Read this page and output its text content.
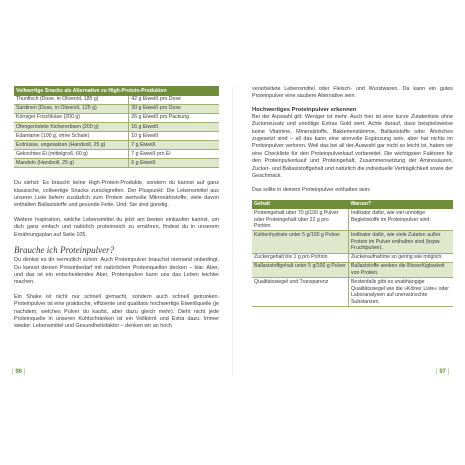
Vollwertige Snacks als Alternative zu High-Protein-Produkten	
Thunfisch (Dose, in Olivenöl, 185 g)	42 g Eiweiß pro Dose
Sardinen (Dose, in Olivenöl, 125 g)	30 g Eiweiß pro Dose
Körniger Frischkäse (200 g)	26 g Eiweiß pro Packung
Ofengeröstete Kichererbsen (200 g)	16 g Eiweiß
Edamame (100 g, ohne Schale)	10 g Eiweiß
Erdnüsse, ungesalzen (Handvoll, 25 g)	7 g Eiweiß
Gekochtes Ei (mittelgroß, 60 g)	7 g Eiweiß pro Ei
Mandeln (Handvoll, 25 g)	6 g Eiweiß

Du siehst: Es braucht keine High-Protein-Produkte, sondern du kannst auf ganz klassische, vollwertige Snacks zurückgreifen. Der Pluspunkt: Die Lebensmittel aus unserer Liste liefern zusätzlich zum Protein wertvolle Mikronährstoffe, viele davon enthalten Ballaststoffe und gesunde Fette. Und: Sie sind günstig.

Weitere Inspiration, welche Lebensmittel du jetzt am besten einkaufen kannst, um dich ganz einfach und natürlich proteinreich zu ernähren, findest du in unserem Ernährungsplan auf Seite 105.

Brauche ich Proteinpulver?

Du denkst es dir vermutlich schon: Auch Proteinpulver brauchst niemand unbedingt. Du kannst deinen Proteinbedarf mit natürlichen Proteinquellen decken – klar. Aber, und das ist ein entscheidendes Aber, Proteinpulver kann uns das Leben leichter machen.

Ein Shake ist nicht nur schnell gemacht, sondern auch schnell getrunken. Proteinpulver ist eine praktische, effiziente und qualitativ hochwertige Eiweißquelle (je nachdem, welches Pulver du kaufst, aber dazu gleich mehr). Dieht nicht jede Proteinquelle in unseren Kühlschränken ist ein Vollkörnt und Extra dazu. Immer wieder: Lebensmittel und Gesundheitsfaktor – denken wir an hoch

[ 96 ]

verarbeitete Lebensmittel oder Fleisch- und Wurstwaren. Da kann ein gutes Proteinpulver eine saubere Alternative sein.

Hochwertiges Proteinpulver erkennen

Bei der Auswahl gilt: Weniger ist mehr. Auch hier ist eine kurze Zutatenliste ohne Zuckerzusatz und unnötige Extras Gold wert. Achte darauf, dass beispielsweise keine Vitamine, Mineralstoffe, Bakterienstämme, Ballaststoffe oder Ähnliches zugesetzt sind – all das kann eine sinnvolle Ergänzung sein, aber hat nichts im Proteinpulver verloren. Weil das bei all der Auswahl gar nicht so leicht ist, haben wir eine Checkliste für den Proteinpulverkauf vorbereitet. Die wichtigsten Faktoren für den Proteinpulverkauf und Proteingehalt, Zusammensetzung der Aminosäuren, Zucker- und Ballaststoffgehalt und natürlich die individuelle Verträglichkeit sowie der Geschmack.

Das sollte in deinem Proteinpulver enthalten sein:

Gehalt	Warum?
Proteingehalt über 70 g/100 g Pulver oder Proteingehalt über 22 g pro Portion	Indikator dafür, wie viel unnötige Begleitstoffe im Proteinpulver sind.
Kohlenhydrate unter 5 g/100 g Pulver	Indikator dafür, wie viele Zutaten außer Protein im Pulver enthalten sind (bspw. Fruchtpulver).
Zuckergehalt bis 1 g pro Portion	Zuckeraufnahme so gering wie möglich.
Ballaststoffgehalt unter 5 g/100 g Pulver	Ballaststoffe senken die Bioverfügbarkeit von Protein.
Qualitätssiegel und Transparenz	Bestenfalls gibt es unabhängige Qualitätssiegel wie die »Kölner Liste« oder Laboranalysen auf unerwünschte Substanzen.
[ 97 ]
